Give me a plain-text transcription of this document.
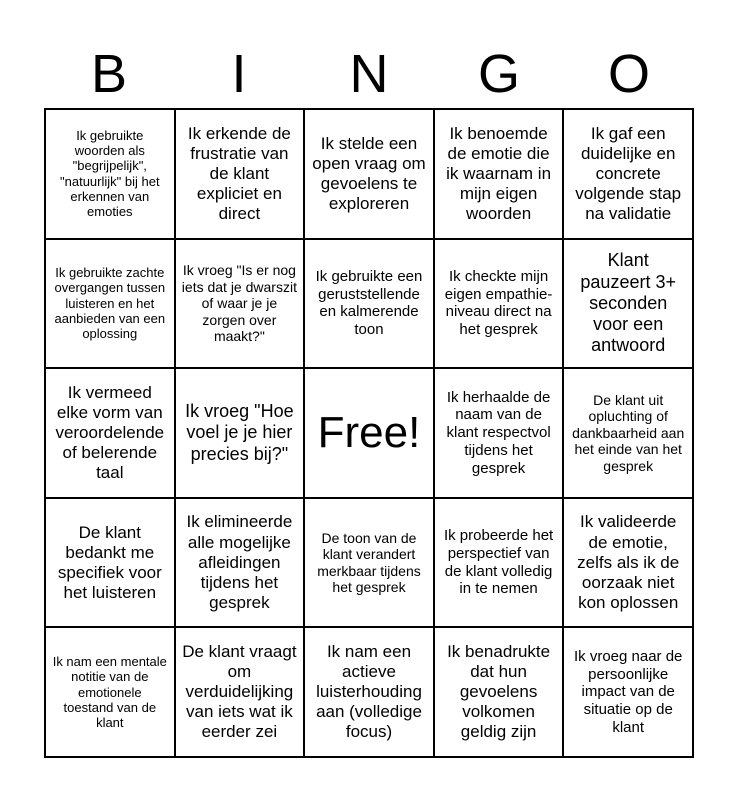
B	I	N	G	O
Ik gebruikte woorden als "begrijpelijk", "natuurlijk" bij het erkennen van emoties
Ik erkende de frustratie van de klant expliciet en direct
Ik stelde een open vraag om gevoelens te exploreren
Ik benoemde de emotie die ik waarnam in mijn eigen woorden
Ik gaf een duidelijke en concrete volgende stap na validatie
Ik gebruikte zachte overgangen tussen luisteren en het aanbieden van een oplossing
Ik vroeg "Is er nog iets dat je dwarszit of waar je je zorgen over maakt?"
Ik gebruikte een geruststellende en kalmerende toon
Ik checkte mijn eigen empathie-niveau direct na het gesprek
Klant pauzeert 3+ seconden voor een antwoord
Ik vermeed elke vorm van veroordelende of belerende taal
Ik vroeg "Hoe voel je je hier precies bij?" Free!
Ik herhaalde de naam van de klant respectvol tijdens het gesprek
De klant uit opluchting of dankbaarheid aan het einde van het gesprek
De klant bedankt me specifiek voor het luisteren
Ik elimineerde alle mogelijke afleidingen tijdens het gesprek
De toon van de klant verandert merkbaar tijdens het gesprek
Ik probeerde het perspectief van de klant volledig in te nemen
Ik valideerde de emotie, zelfs als ik de oorzaak niet kon oplossen
Ik nam een mentale notitie van de emotionele toestand van de klant
De klant vraagt om verduidelijking van iets wat ik eerder zei
Ik nam een actieve luisterhouding aan (volledige focus)
Ik benadrukte dat hun gevoelens volkomen geldig zijn
Ik vroeg naar de persoonlijke impact van de situatie op de klant
